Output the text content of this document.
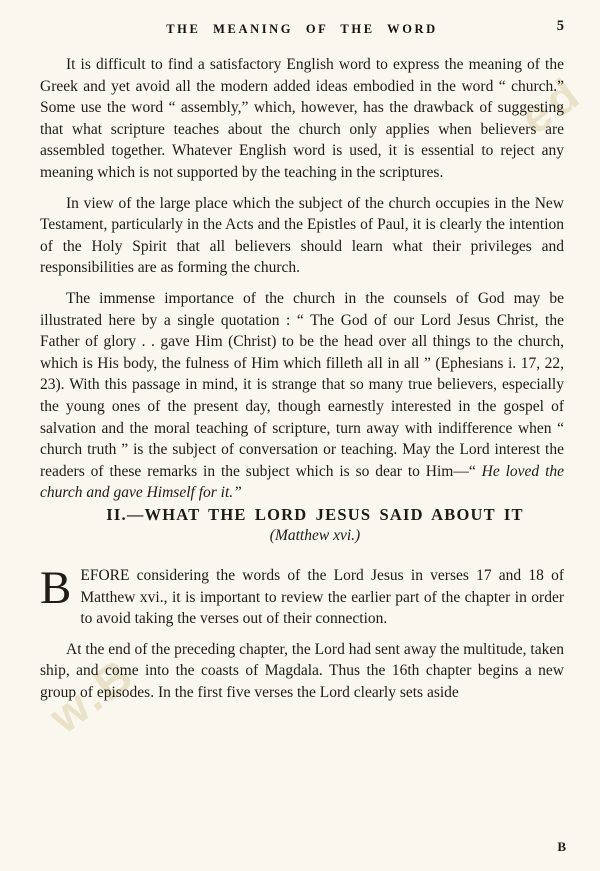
ed
w.B
THE MEANING OF THE WORD	5

It is difficult to find a satisfactory English word to express the meaning of the Greek and yet avoid all the modern added ideas embodied in the word “ church.” Some use the word “ assembly,” which, however, has the drawback of suggesting that what scripture teaches about the church only applies when believers are assembled together. Whatever English word is used, it is essential to reject any meaning which is not supported by the teaching in the scriptures.

In view of the large place which the subject of the church occupies in the New Testament, particularly in the Acts and the Epistles of Paul, it is clearly the intention of the Holy Spirit that all believers should learn what their privileges and responsibilities are as forming the church.

The immense importance of the church in the counsels of God may be illustrated here by a single quotation : “ The God of our Lord Jesus Christ, the Father of glory . . gave Him (Christ) to be the head over all things to the church, which is His body, the fulness of Him which filleth all in all ” (Ephesians i. 17, 22, 23). With this passage in mind, it is strange that so many true believers, especially the young ones of the present day, though earnestly interested in the gospel of salvation and the moral teaching of scripture, turn away with indifference when “ church truth ” is the subject of conversation or teaching. May the Lord interest the readers of these remarks in the subject which is so dear to Him—“ He loved the church and gave Himself for it.”

II.—WHAT THE LORD JESUS SAID ABOUT IT

(Matthew xvi.)

BEFORE considering the words of the Lord Jesus in verses 17 and 18 of Matthew xvi., it is important to review the earlier part of the chapter in order to avoid taking the verses out of their connection.

At the end of the preceding chapter, the Lord had sent away the multitude, taken ship, and come into the coasts of Magdala. Thus the 16th chapter begins a new group of episodes. In the first five verses the Lord clearly sets aside

B
